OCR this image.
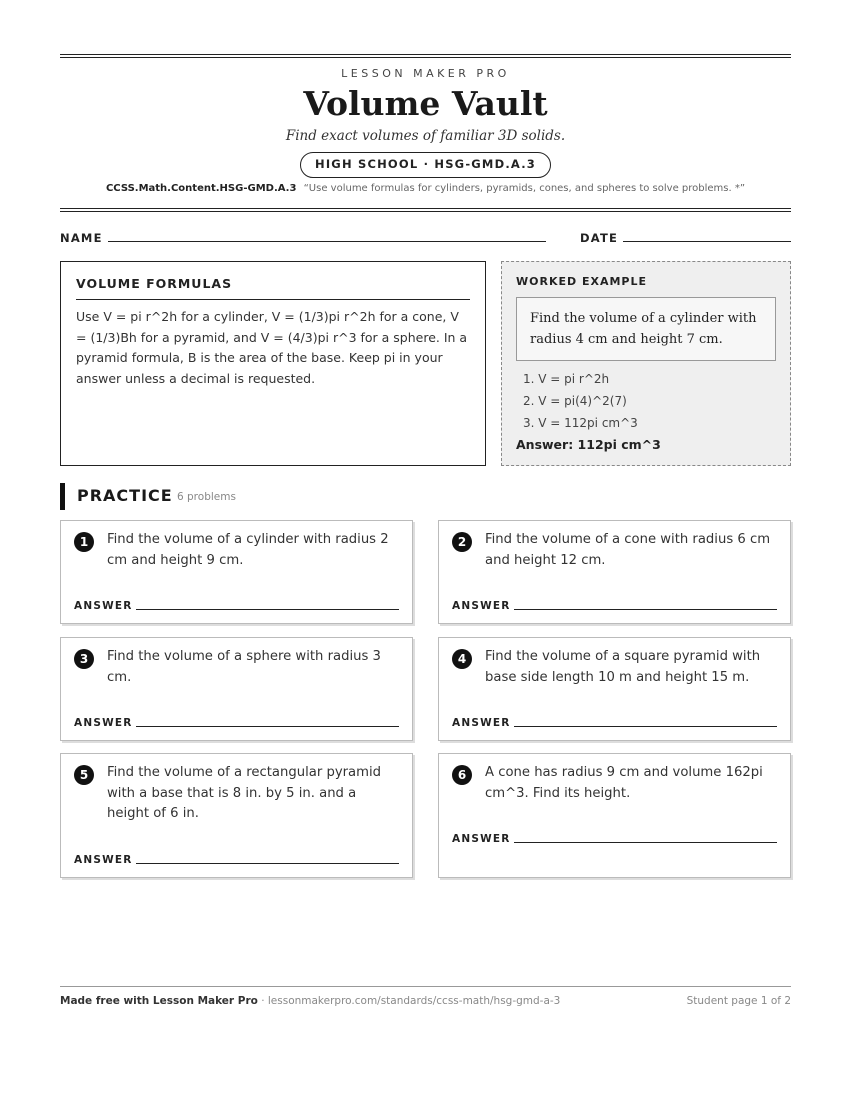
LESSON MAKER PRO
Volume Vault
Find exact volumes of familiar 3D solids.
HIGH SCHOOL · HSG-GMD.A.3
CCSS.Math.Content.HSG-GMD.A.3 “Use volume formulas for cylinders, pyramids, cones, and spheres to solve problems. *”
NAME	DATE
VOLUME FORMULAS
Use V = pi r^2h for a cylinder, V = (1/3)pi r^2h for a cone, V = (1/3)Bh for a pyramid, and V = (4/3)pi r^3 for a sphere. In a pyramid formula, B is the area of the base. Keep pi in your answer unless a decimal is requested.
WORKED EXAMPLE
Find the volume of a cylinder with radius 4 cm and height 7 cm.
1. V = pi r^2h
2. V = pi(4)^2(7)
3. V = 112pi cm^3
Answer: 112pi cm^3
PRACTICE 6 problems
1	Find the volume of a cylinder with radius 2 cm and height 9 cm.
ANSWER
2	Find the volume of a cone with radius 6 cm and height 12 cm.
ANSWER
3	Find the volume of a sphere with radius 3 cm.
ANSWER
4	Find the volume of a square pyramid with base side length 10 m and height 15 m.
ANSWER
5	Find the volume of a rectangular pyramid with a base that is 8 in. by 5 in. and a height of 6 in.
ANSWER
6	A cone has radius 9 cm and volume 162pi cm^3. Find its height.
ANSWER
Made free with Lesson Maker Pro · lessonmakerpro.com/standards/ccss-math/hsg-gmd-a-3	Student page 1 of 2
